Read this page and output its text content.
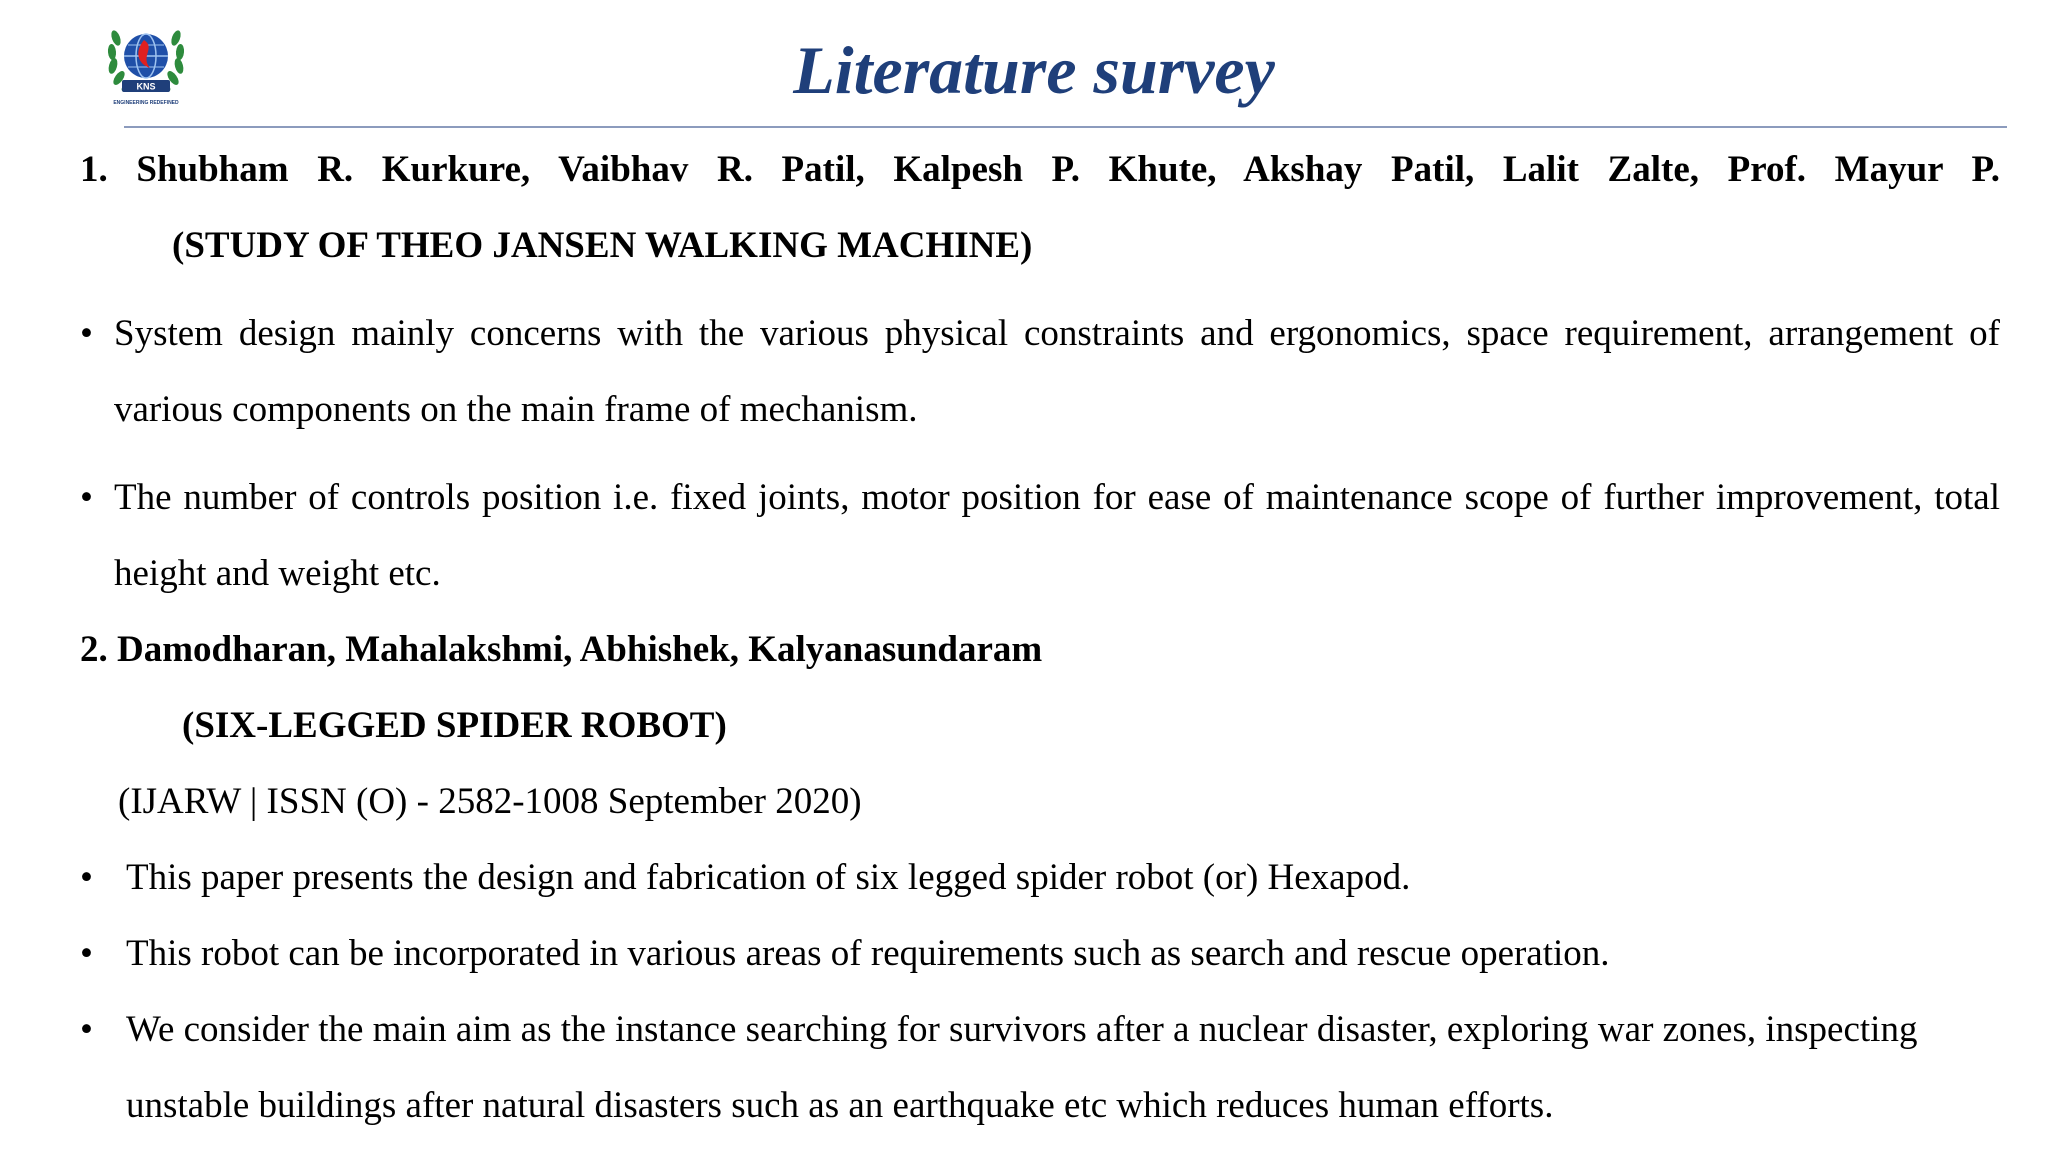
KNS
ENGINEERING REDEFINED	Literature survey
1. Shubham R. Kurkure, Vaibhav R. Patil, Kalpesh P. Khute, Akshay Patil, Lalit Zalte, Prof. Mayur P.
(STUDY OF THEO JANSEN WALKING MACHINE)
• System design mainly concerns with the various physical constraints and ergonomics, space requirement, arrangement of various components on the main frame of mechanism.
• The number of controls position i.e. fixed joints, motor position for ease of maintenance scope of further improvement, total height and weight etc.
2. Damodharan, Mahalakshmi, Abhishek, Kalyanasundaram
(SIX-LEGGED SPIDER ROBOT)
(IJARW | ISSN (O) - 2582-1008 September 2020)
• This paper presents the design and fabrication of six legged spider robot (or) Hexapod.
• This robot can be incorporated in various areas of requirements such as search and rescue operation.
• We consider the main aim as the instance searching for survivors after a nuclear disaster, exploring war zones, inspecting unstable buildings after natural disasters such as an earthquake etc which reduces human efforts.
